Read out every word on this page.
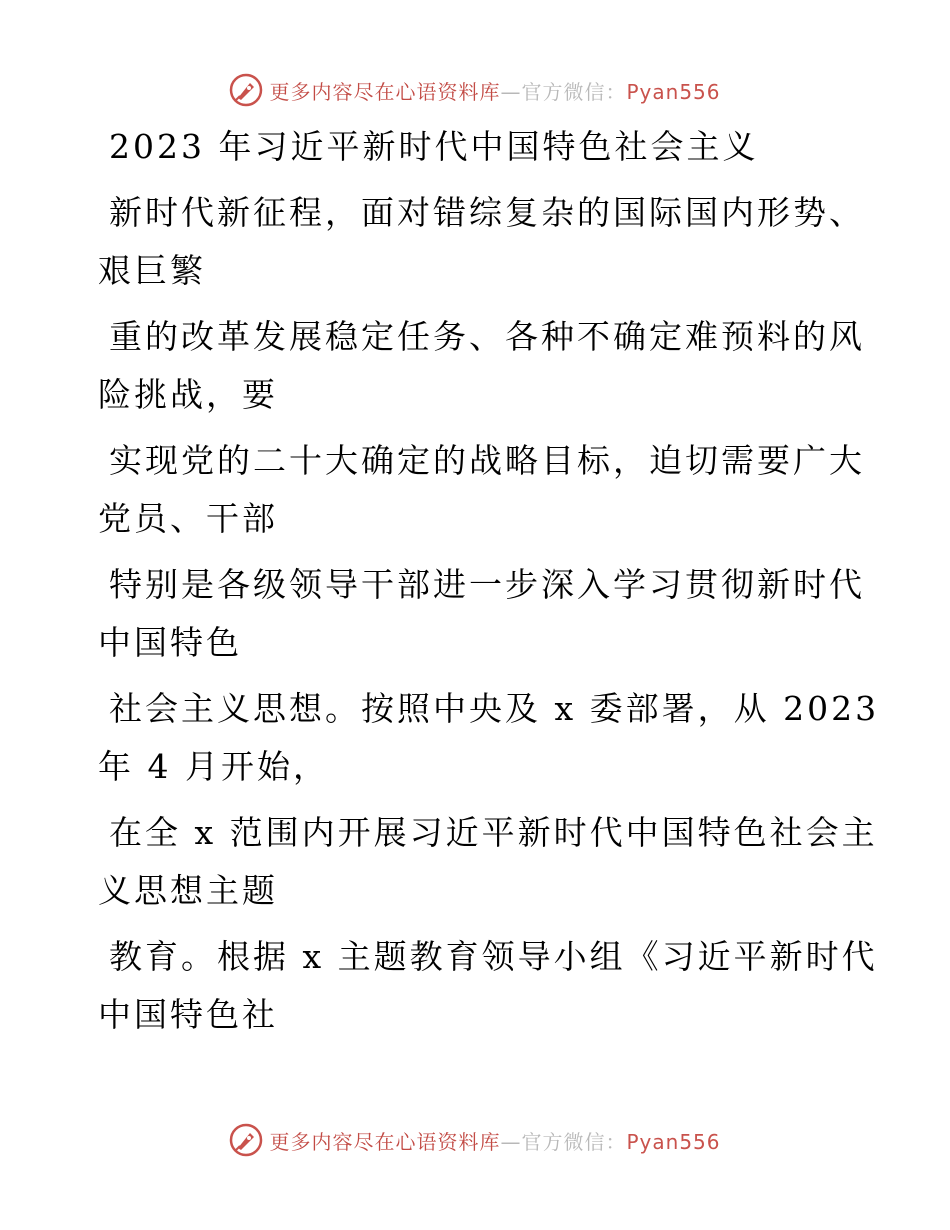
更多内容尽在心语资料库—官方微信：Pyan556
2023 年习近平新时代中国特色社会主义
新时代新征程，面对错综复杂的国际国内形势、
艰巨繁
重的改革发展稳定任务、各种不确定难预料的风
险挑战，要
实现党的二十大确定的战略目标，迫切需要广大
党员、干部
特别是各级领导干部进一步深入学习贯彻新时代
中国特色
社会主义思想。按照中央及 x 委部署，从 2023
年 4 月开始，
在全 x 范围内开展习近平新时代中国特色社会主
义思想主题
教育。根据 x 主题教育领导小组《习近平新时代
中国特色社
更多内容尽在心语资料库—官方微信：Pyan556
